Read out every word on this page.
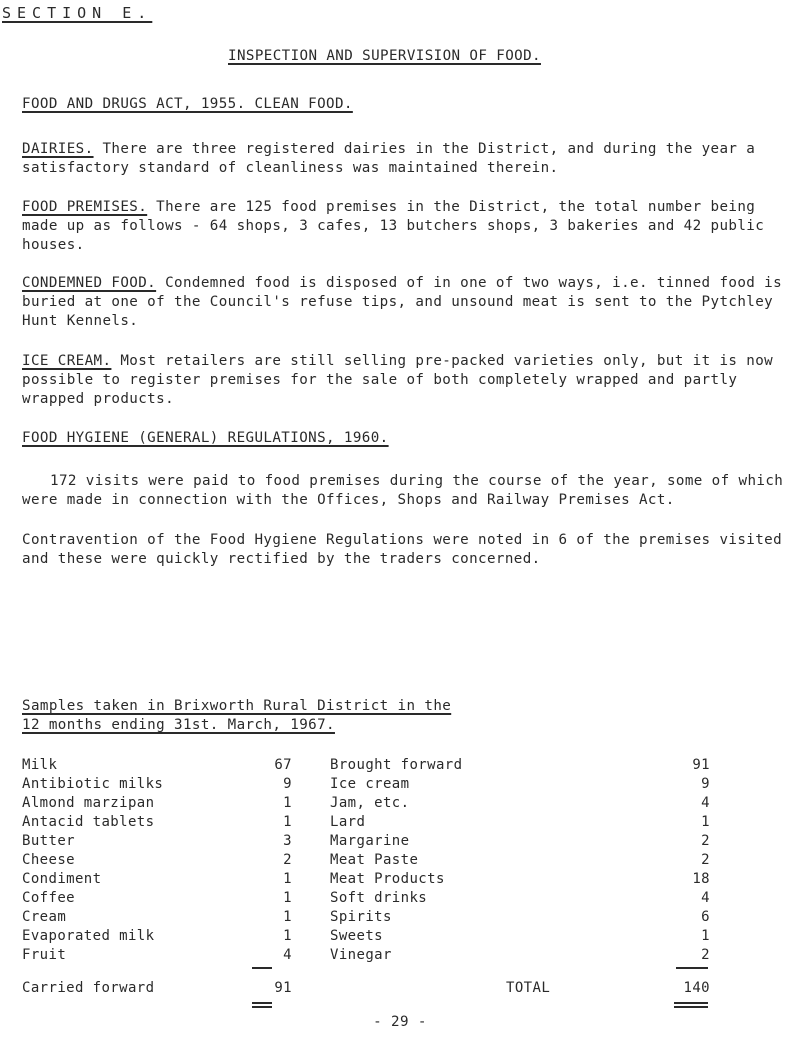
SECTION E.
INSPECTION AND SUPERVISION OF FOOD.
FOOD AND DRUGS ACT, 1955. CLEAN FOOD.
DAIRIES. There are three registered dairies in the District, and during the year a satisfactory standard of cleanliness was maintained therein.
FOOD PREMISES. There are 125 food premises in the District, the total number being made up as follows - 64 shops, 3 cafes, 13 butchers shops, 3 bakeries and 42 public houses.
CONDEMNED FOOD. Condemned food is disposed of in one of two ways, i.e. tinned food is buried at one of the Council's refuse tips, and unsound meat is sent to the Pytchley Hunt Kennels.
ICE CREAM. Most retailers are still selling pre-packed varieties only, but it is now possible to register premises for the sale of both completely wrapped and partly wrapped products.
FOOD HYGIENE (GENERAL) REGULATIONS, 1960.
172 visits were paid to food premises during the course of the year, some of which were made in connection with the Offices, Shops and Railway Premises Act.
Contravention of the Food Hygiene Regulations were noted in 6 of the premises visited and these were quickly rectified by the traders concerned.
Samples taken in Brixworth Rural District in the
12 months ending 31st. March, 1967.
Milk	67
Antibiotic milks	9
Almond marzipan	1
Antacid tablets	1
Butter	3
Cheese	2
Condiment	1
Coffee	1
Cream	1
Evaporated milk	1
Fruit	4
Carried forward	91
Brought forward	91
Ice cream	9
Jam, etc.	4
Lard	1
Margarine	2
Meat Paste	2
Meat Products	18
Soft drinks	4
Spirits	6
Sweets	1
Vinegar	2
TOTAL	140
- 29 -
